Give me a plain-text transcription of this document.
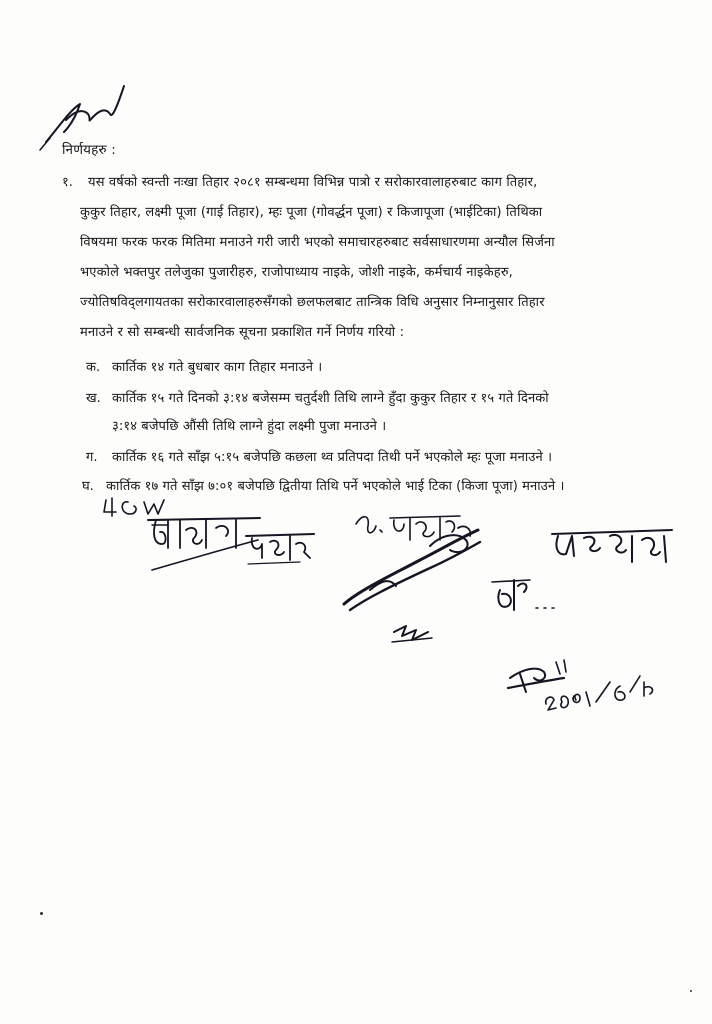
निर्णयहरु :
१. यस वर्षको स्वन्ती नःखा तिहार २०८१ सम्बन्धमा विभिन्न पात्रो र सरोकारवालाहरुबाट काग तिहार,
कुकुर तिहार, लक्ष्मी पूजा (गाई तिहार), म्हः पूजा (गोवर्द्धन पूजा) र किजापूजा (भाईटिका) तिथिका
विषयमा फरक फरक मितिमा मनाउने गरी जारी भएको समाचारहरुबाट सर्वसाधारणमा अन्यौल सिर्जना
भएकोले भक्तपुर तलेजुका पुजारीहरु, राजोपाध्याय नाइके, जोशी नाइके, कर्मचार्य नाइकेहरु,
ज्योतिषविद्लगायतका सरोकारवालाहरुसँगको छलफलबाट तान्त्रिक विधि अनुसार निम्नानुसार तिहार
मनाउने र सो सम्बन्धी सार्वजनिक सूचना प्रकाशित गर्ने निर्णय गरियो :
क. कार्तिक १४ गते बुधबार काग तिहार मनाउने ।
ख. कार्तिक १५ गते दिनको ३:१४ बजेसम्म चतुर्दशी तिथि लाग्ने हुँदा कुकुर तिहार र १५ गते दिनको
३:१४ बजेपछि औंसी तिथि लाग्ने हुंदा लक्ष्मी पुजा मनाउने ।
ग. कार्तिक १६ गते साँझ ५:१५ बजेपछि कछला थ्व प्रतिपदा तिथी पर्ने भएकोले म्हः पूजा मनाउने ।
घ. कार्तिक १७ गते साँझ ७:०१ बजेपछि द्वितीया तिथि पर्ने भएकोले भाई टिका (किजा पूजा) मनाउने ।
